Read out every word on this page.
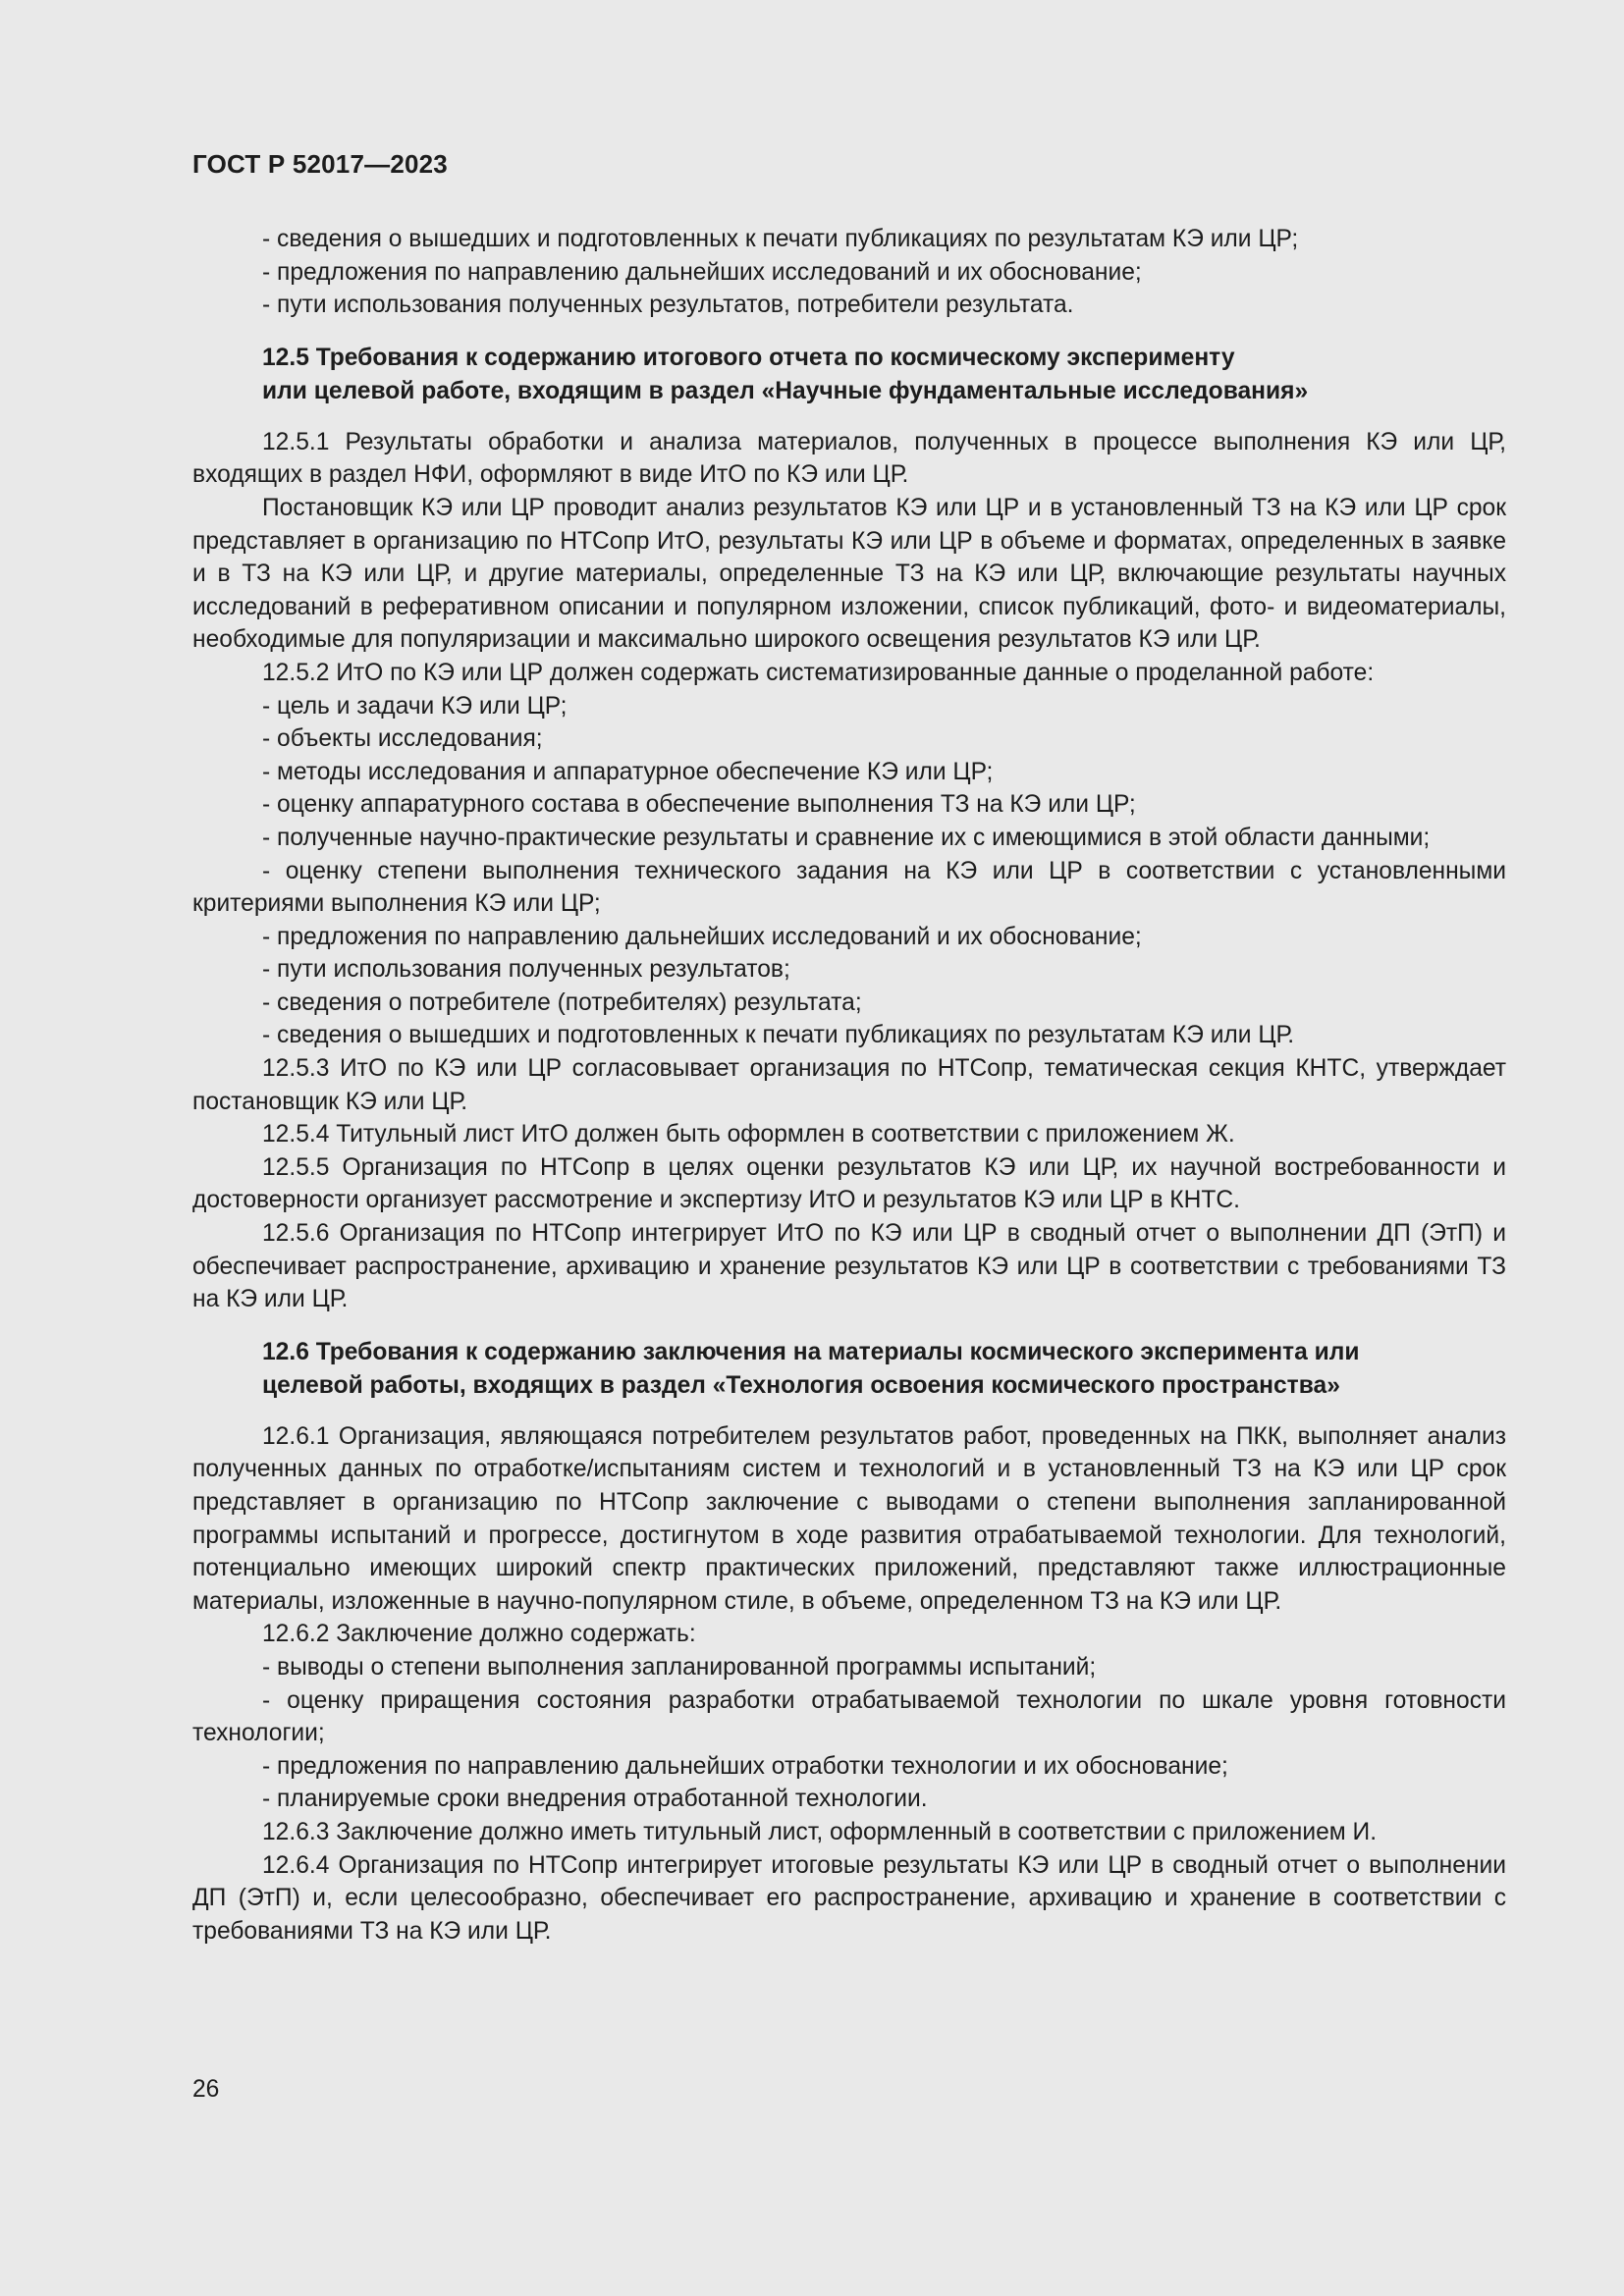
ГОСТ Р 52017—2023

- сведения о вышедших и подготовленных к печати публикациях по результатам КЭ или ЦР;

- предложения по направлению дальнейших исследований и их обоснование;

- пути использования полученных результатов, потребители результата.

12.5 Требования к содержанию итогового отчета по космическому эксперименту

или целевой работе, входящим в раздел «Научные фундаментальные исследования»

12.5.1 Результаты обработки и анализа материалов, полученных в процессе выполнения КЭ или ЦР, входящих в раздел НФИ, оформляют в виде ИтО по КЭ или ЦР.

Постановщик КЭ или ЦР проводит анализ результатов КЭ или ЦР и в установленный ТЗ на КЭ или ЦР срок представляет в организацию по НТСопр ИтО, результаты КЭ или ЦР в объеме и форматах, определенных в заявке и в ТЗ на КЭ или ЦР, и другие материалы, определенные ТЗ на КЭ или ЦР, включающие результаты научных исследований в реферативном описании и популярном изложении, список публикаций, фото- и видеоматериалы, необходимые для популяризации и максимально широкого освещения результатов КЭ или ЦР.

12.5.2 ИтО по КЭ или ЦР должен содержать систематизированные данные о проделанной работе:

- цель и задачи КЭ или ЦР;

- объекты исследования;

- методы исследования и аппаратурное обеспечение КЭ или ЦР;

- оценку аппаратурного состава в обеспечение выполнения ТЗ на КЭ или ЦР;

- полученные научно-практические результаты и сравнение их с имеющимися в этой области данными;

- оценку степени выполнения технического задания на КЭ или ЦР в соответствии с установленными критериями выполнения КЭ или ЦР;

- предложения по направлению дальнейших исследований и их обоснование;

- пути использования полученных результатов;

- сведения о потребителе (потребителях) результата;

- сведения о вышедших и подготовленных к печати публикациях по результатам КЭ или ЦР.

12.5.3 ИтО по КЭ или ЦР согласовывает организация по НТСопр, тематическая секция КНТС, утверждает постановщик КЭ или ЦР.

12.5.4 Титульный лист ИтО должен быть оформлен в соответствии с приложением Ж.

12.5.5 Организация по НТСопр в целях оценки результатов КЭ или ЦР, их научной востребованности и достоверности организует рассмотрение и экспертизу ИтО и результатов КЭ или ЦР в КНТС.

12.5.6 Организация по НТСопр интегрирует ИтО по КЭ или ЦР в сводный отчет о выполнении ДП (ЭтП) и обеспечивает распространение, архивацию и хранение результатов КЭ или ЦР в соответствии с требованиями ТЗ на КЭ или ЦР.

12.6 Требования к содержанию заключения на материалы космического эксперимента или

целевой работы, входящих в раздел «Технология освоения космического пространства»

12.6.1 Организация, являющаяся потребителем результатов работ, проведенных на ПКК, выполняет анализ полученных данных по отработке/испытаниям систем и технологий и в установленный ТЗ на КЭ или ЦР срок представляет в организацию по НТСопр заключение с выводами о степени выполнения запланированной программы испытаний и прогрессе, достигнутом в ходе развития отрабатываемой технологии. Для технологий, потенциально имеющих широкий спектр практических приложений, представляют также иллюстрационные материалы, изложенные в научно-популярном стиле, в объеме, определенном ТЗ на КЭ или ЦР.

12.6.2 Заключение должно содержать:

- выводы о степени выполнения запланированной программы испытаний;

- оценку приращения состояния разработки отрабатываемой технологии по шкале уровня готовности технологии;

- предложения по направлению дальнейших отработки технологии и их обоснование;

- планируемые сроки внедрения отработанной технологии.

12.6.3 Заключение должно иметь титульный лист, оформленный в соответствии с приложением И.

12.6.4 Организация по НТСопр интегрирует итоговые результаты КЭ или ЦР в сводный отчет о выполнении ДП (ЭтП) и, если целесообразно, обеспечивает его распространение, архивацию и хранение в соответствии с требованиями ТЗ на КЭ или ЦР.

26
